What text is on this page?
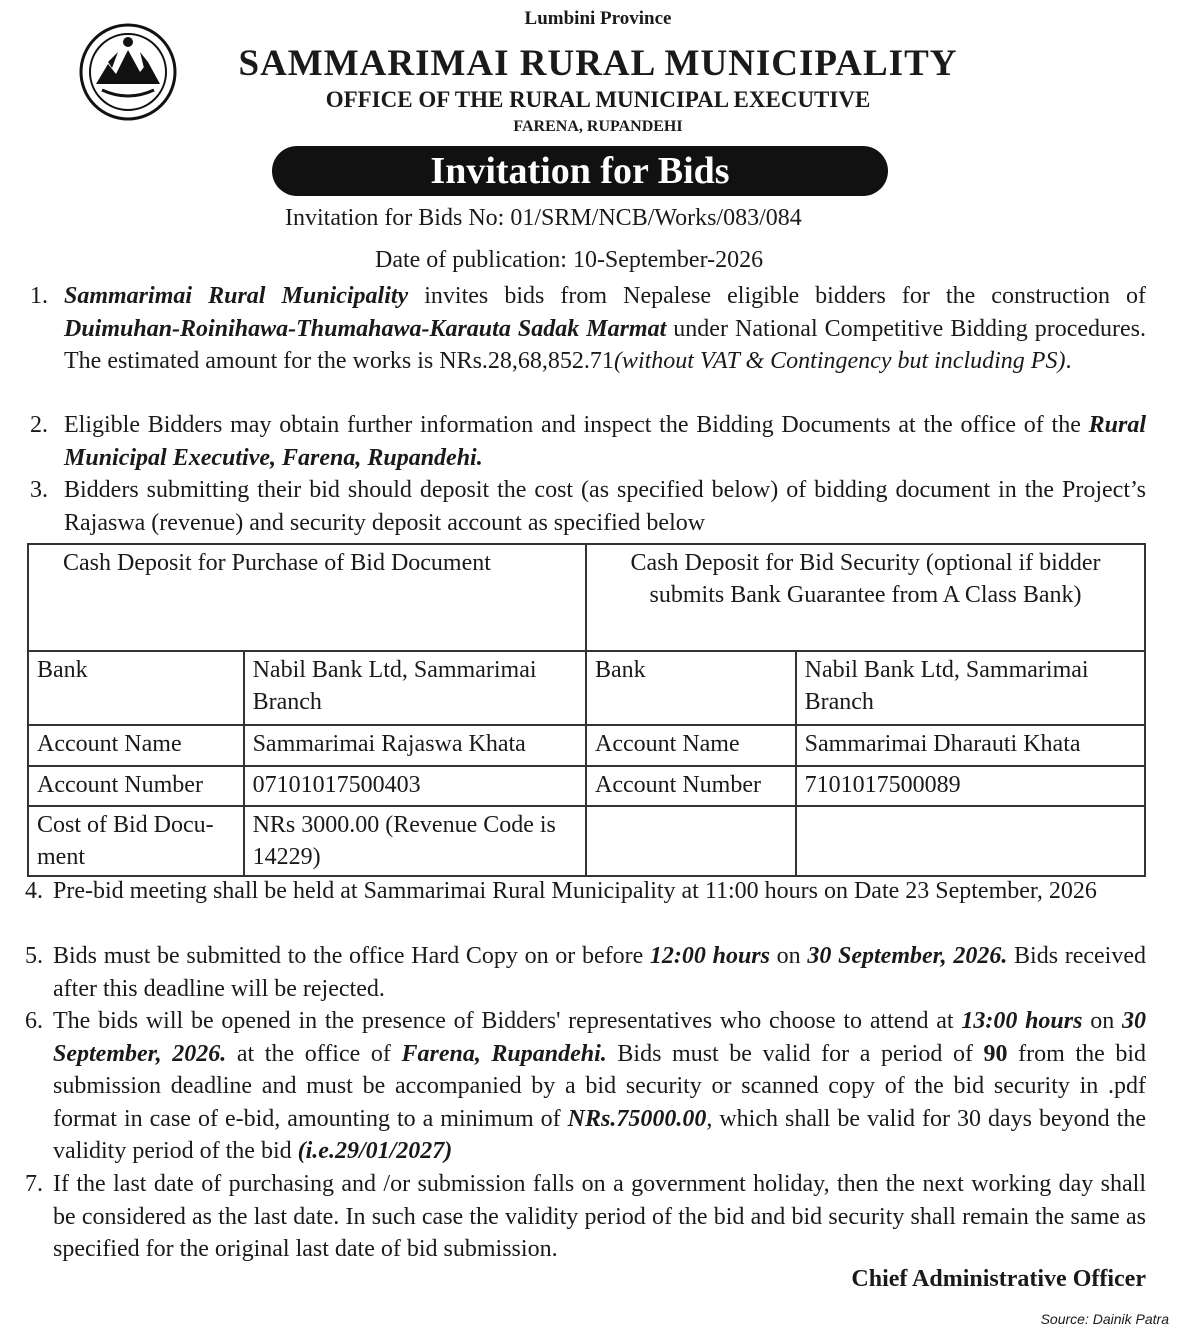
Lumbini Province
SAMMARIMAI RURAL MUNICIPALITY
OFFICE OF THE RURAL MUNICIPAL EXECUTIVE
FARENA, RUPANDEHI
Invitation for Bids
Invitation for Bids No: 01/SRM/NCB/Works/083/084
Date of publication: 10-September-2026
1. Sammarimai Rural Municipality invites bids from Nepalese eligible bidders for the construction of Duimuhan-Roinihawa-Thumahawa-Karauta Sadak Marmat under National Competitive Bidding procedures. The estimated amount for the works is NRs.28,68,852.71(without VAT & Contingency but including PS).
2. Eligible Bidders may obtain further information and inspect the Bidding Documents at the office of the Rural Municipal Executive, Farena, Rupandehi.
3. Bidders submitting their bid should deposit the cost (as specified below) of bidding document in the Project’s Rajaswa (revenue) and security deposit account as specified below
Cash Deposit for Purchase of Bid Document		Cash Deposit for Bid Security (optional if bidder submits Bank Guarantee from A Class Bank)	
Bank	Nabil Bank Ltd, Sammarimai Branch	Bank	Nabil Bank Ltd, Sammarimai Branch
Account Name	Sammarimai Rajaswa Khata	Account Name	Sammarimai Dharauti Khata
Account Number	07101017500403	Account Number	7101017500089
Cost of Bid Docu-ment	NRs 3000.00 (Revenue Code is 14229)		
4. Pre-bid meeting shall be held at Sammarimai Rural Municipality at 11:00 hours on Date 23 September, 2026
5. Bids must be submitted to the office Hard Copy on or before 12:00 hours on 30 September, 2026. Bids received after this deadline will be rejected.
6. The bids will be opened in the presence of Bidders' representatives who choose to attend at 13:00 hours on 30 September, 2026. at the office of Farena, Rupandehi. Bids must be valid for a period of 90 from the bid submission deadline and must be accompanied by a bid security or scanned copy of the bid security in .pdf format in case of e-bid, amounting to a minimum of NRs.75000.00, which shall be valid for 30 days beyond the validity period of the bid (i.e.29/01/2027)
7. If the last date of purchasing and /or submission falls on a government holiday, then the next working day shall be considered as the last date. In such case the validity period of the bid and bid security shall remain the same as specified for the original last date of bid submission.
Chief Administrative Officer
Source: Dainik Patra
